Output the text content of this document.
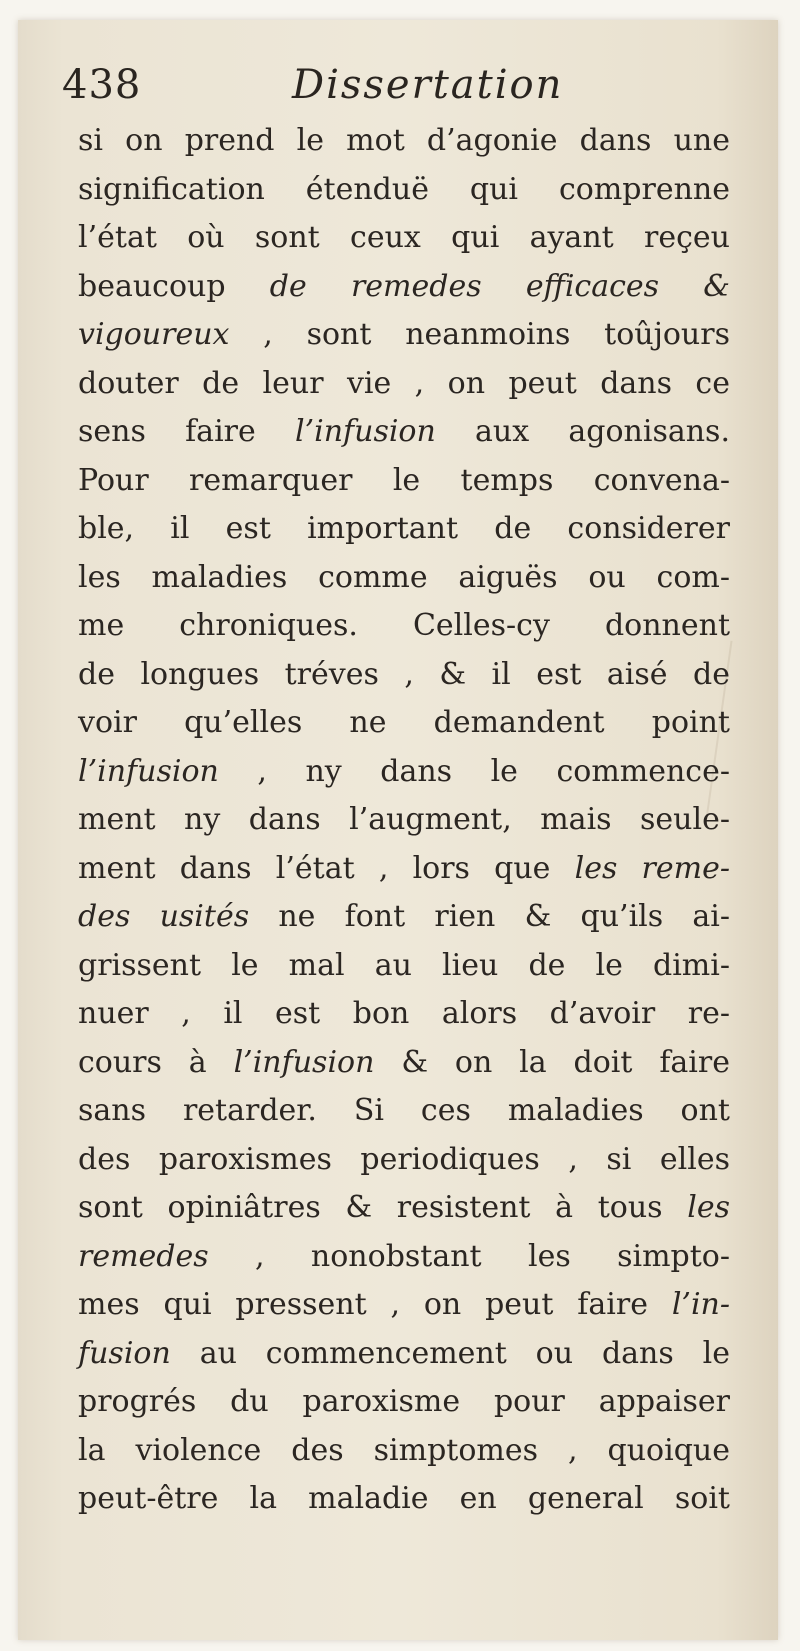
438	Dissertation
si on prend le mot d’agonie dans une
signification étenduë qui comprenne
l’état où sont ceux qui ayant reçeu
beaucoup de remedes efficaces &
vigoureux , sont neanmoins toûjours
douter de leur vie , on peut dans ce
sens faire l’infusion aux agonisans.
Pour remarquer le temps convena-
ble, il est important de considerer
les maladies comme aiguës ou com-
me chroniques. Celles-cy donnent
de longues tréves , & il est aisé de
voir qu’elles ne demandent point
l’infusion , ny dans le commence-
ment ny dans l’augment, mais seule-
ment dans l’état , lors que les reme-
des usités ne font rien & qu’ils ai-
grissent le mal au lieu de le dimi-
nuer , il est bon alors d’avoir re-
cours à l’infusion & on la doit faire
sans retarder. Si ces maladies ont
des paroxismes periodiques , si elles
sont opiniâtres & resistent à tous les
remedes , nonobstant les simpto-
mes qui pressent , on peut faire l’in-
fusion au commencement ou dans le
progrés du paroxisme pour appaiser
la violence des simptomes , quoique
peut-être la maladie en general soit
